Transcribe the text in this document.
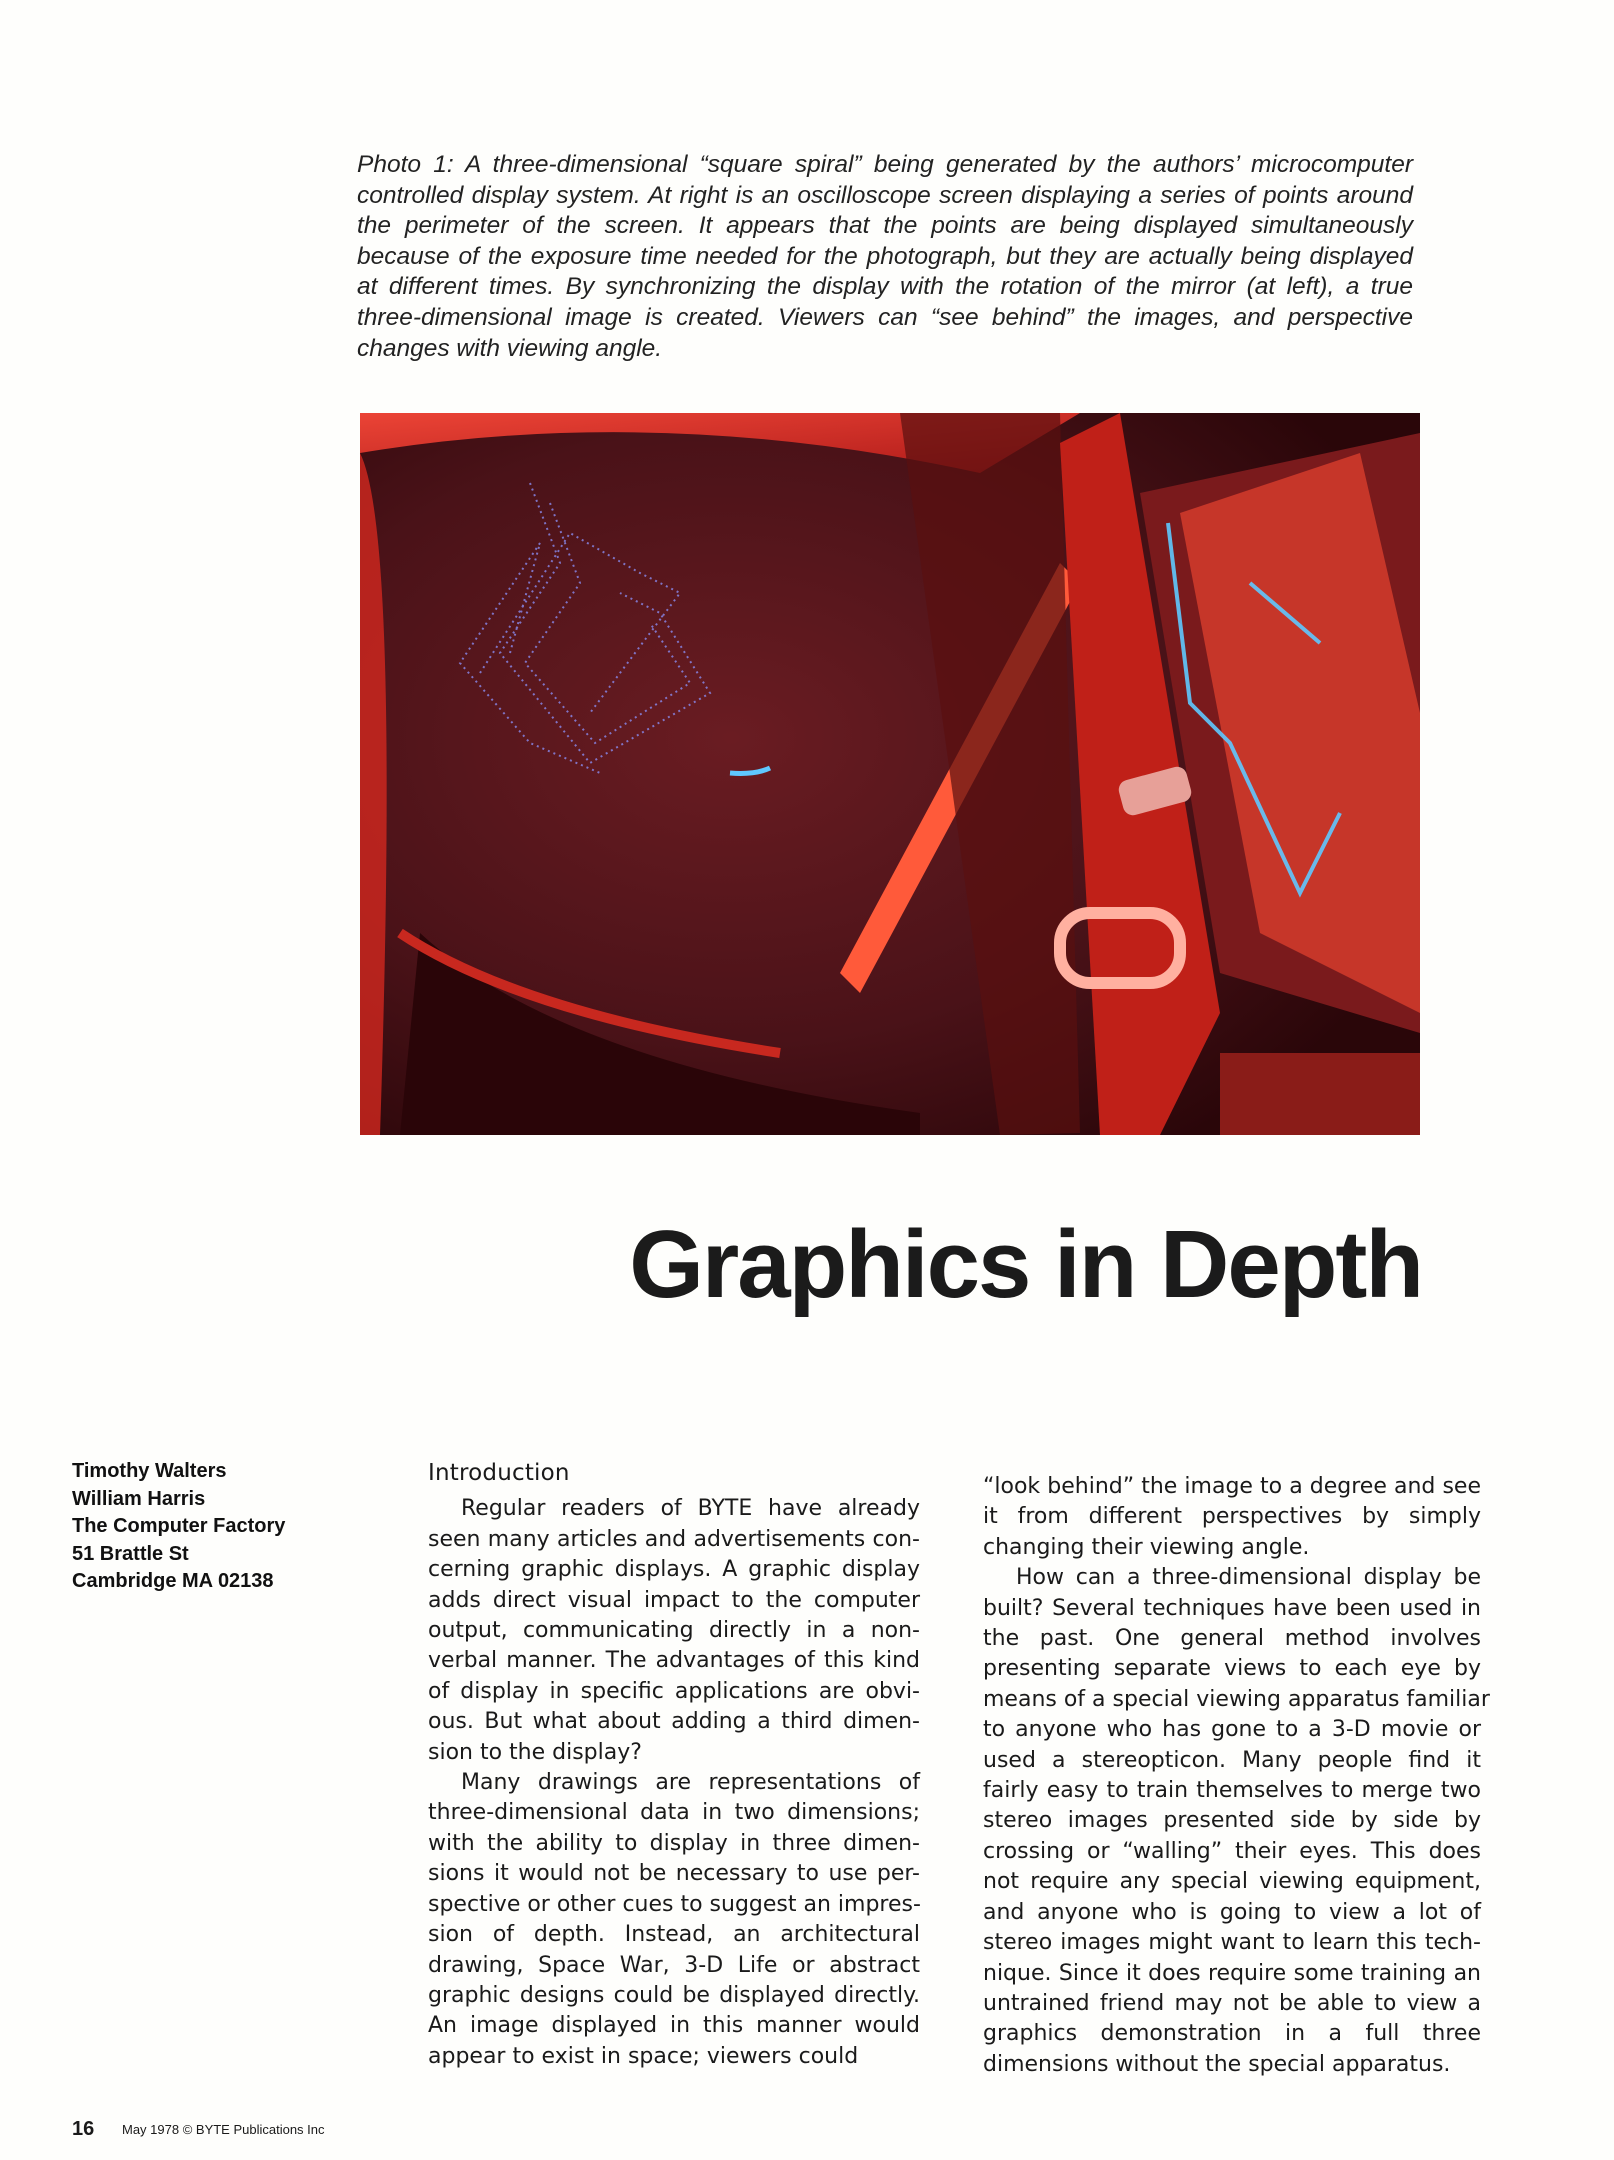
Photo 1: A three-dimensional “square spiral” being generated by the authors’ microcomputer
controlled display system. At right is an oscilloscope screen displaying a series of points around
the perimeter of the screen. It appears that the points are being displayed simultaneously
because of the exposure time needed for the photograph, but they are actually being displayed
at different times. By synchronizing the display with the rotation of the mirror (at left), a true
three-dimensional image is created. Viewers can “see behind” the images, and perspective
changes with viewing angle.
Graphics in Depth
Timothy Walters
William Harris
The Computer Factory
51 Brattle St
Cambridge MA 02138
Introduction
Regular readers of BYTE have already
seen many articles and advertisements con-
cerning graphic displays. A graphic display
adds direct visual impact to the computer
output, communicating directly in a non-
verbal manner. The advantages of this kind
of display in specific applications are obvi-
ous. But what about adding a third dimen-
sion to the display?
Many drawings are representations of
three-dimensional data in two dimensions;
with the ability to display in three dimen-
sions it would not be necessary to use per-
spective or other cues to suggest an impres-
sion of depth. Instead, an architectural
drawing, Space War, 3-D Life or abstract
graphic designs could be displayed directly.
An image displayed in this manner would
appear to exist in space; viewers could
“look behind” the image to a degree and see
it from different perspectives by simply
changing their viewing angle.
How can a three-dimensional display be
built? Several techniques have been used in
the past. One general method involves
presenting separate views to each eye by
means of a special viewing apparatus familiar
to anyone who has gone to a 3-D movie or
used a stereopticon. Many people find it
fairly easy to train themselves to merge two
stereo images presented side by side by
crossing or “walling” their eyes. This does
not require any special viewing equipment,
and anyone who is going to view a lot of
stereo images might want to learn this tech-
nique. Since it does require some training an
untrained friend may not be able to view a
graphics demonstration in a full three
dimensions without the special apparatus.
16 May 1978 © BYTE Publications Inc
